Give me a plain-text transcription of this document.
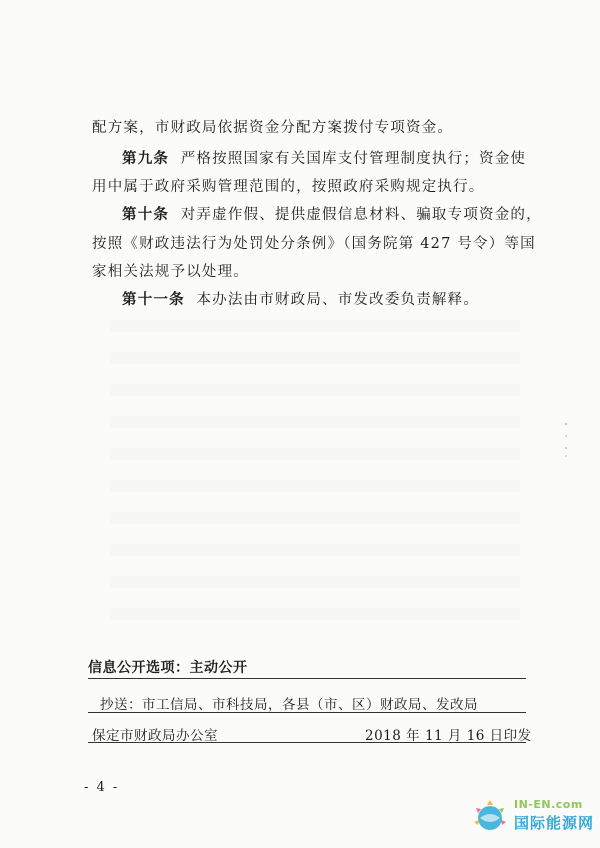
配方案，市财政局依据资金分配方案拨付专项资金。
第九条 严格按照国家有关国库支付管理制度执行；资金使
用中属于政府采购管理范围的，按照政府采购规定执行。
第十条 对弄虚作假、提供虚假信息材料、骗取专项资金的，
按照《财政违法行为处罚处分条例》（国务院第 427 号令）等国
家相关法规予以处理。
第十一条 本办法由市财政局、市发改委负责解释。
信息公开选项：主动公开
抄送：市工信局、市科技局，各县（市、区）财政局、发改局
保定市财政局办公室	2018 年 11 月 16 日印发
- 4 -
IN-EN.com
国际能源网
